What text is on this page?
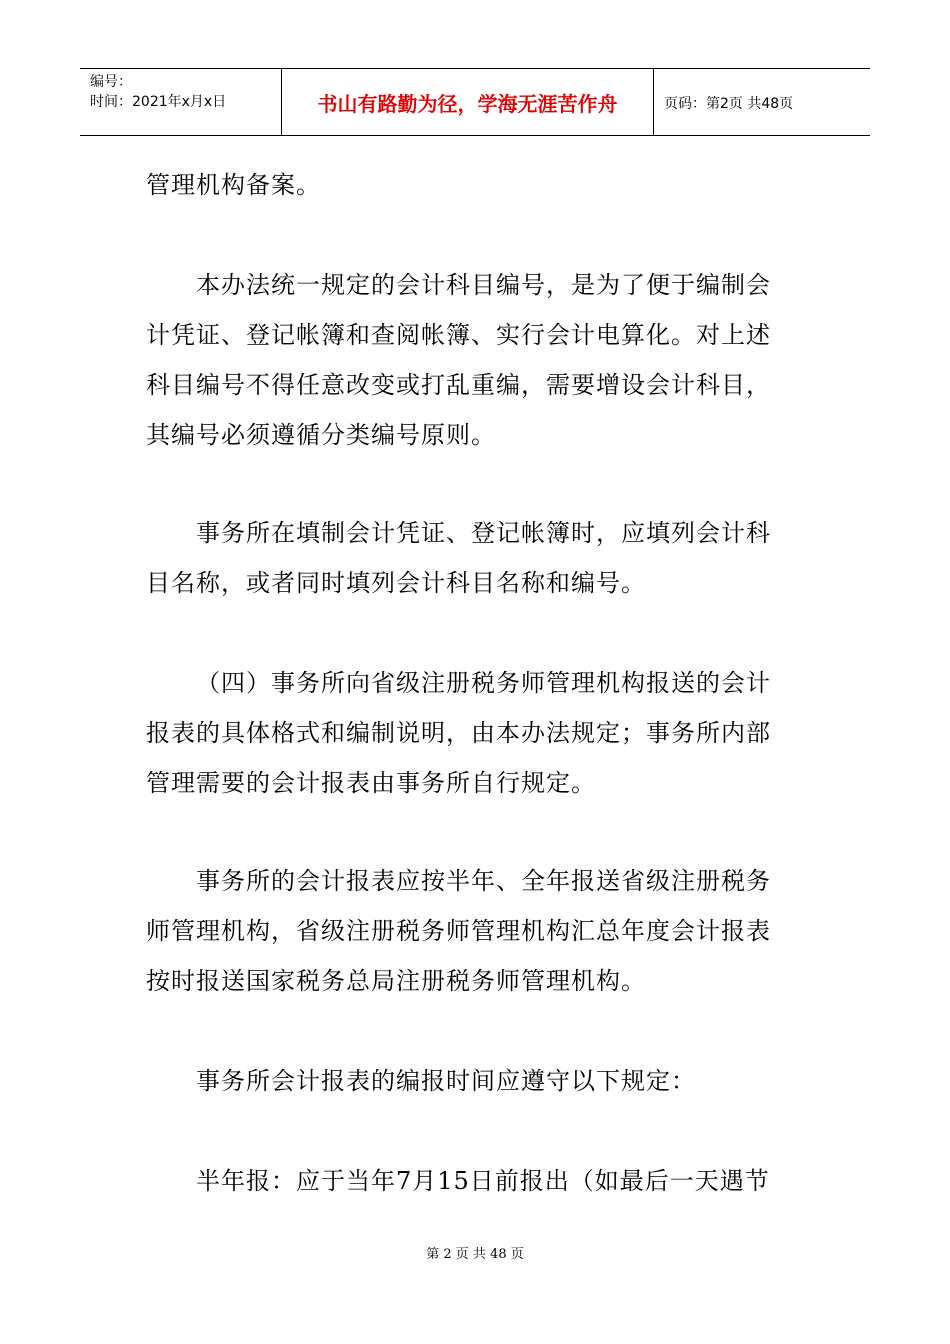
编号：
时间：2021年x月x日	书山有路勤为径，学海无涯苦作舟	页码：第2页 共48页
管理机构备案。
本办法统一规定的会计科目编号，是为了便于编制会
计凭证、登记帐簿和查阅帐簿、实行会计电算化。对上述
科目编号不得任意改变或打乱重编，需要增设会计科目，
其编号必须遵循分类编号原则。
事务所在填制会计凭证、登记帐簿时，应填列会计科
目名称，或者同时填列会计科目名称和编号。
（四）事务所向省级注册税务师管理机构报送的会计
报表的具体格式和编制说明，由本办法规定；事务所内部
管理需要的会计报表由事务所自行规定。
事务所的会计报表应按半年、全年报送省级注册税务
师管理机构，省级注册税务师管理机构汇总年度会计报表
按时报送国家税务总局注册税务师管理机构。
事务所会计报表的编报时间应遵守以下规定：
半年报：应于当年7月15日前报出（如最后一天遇节
第 2 页 共 48 页
